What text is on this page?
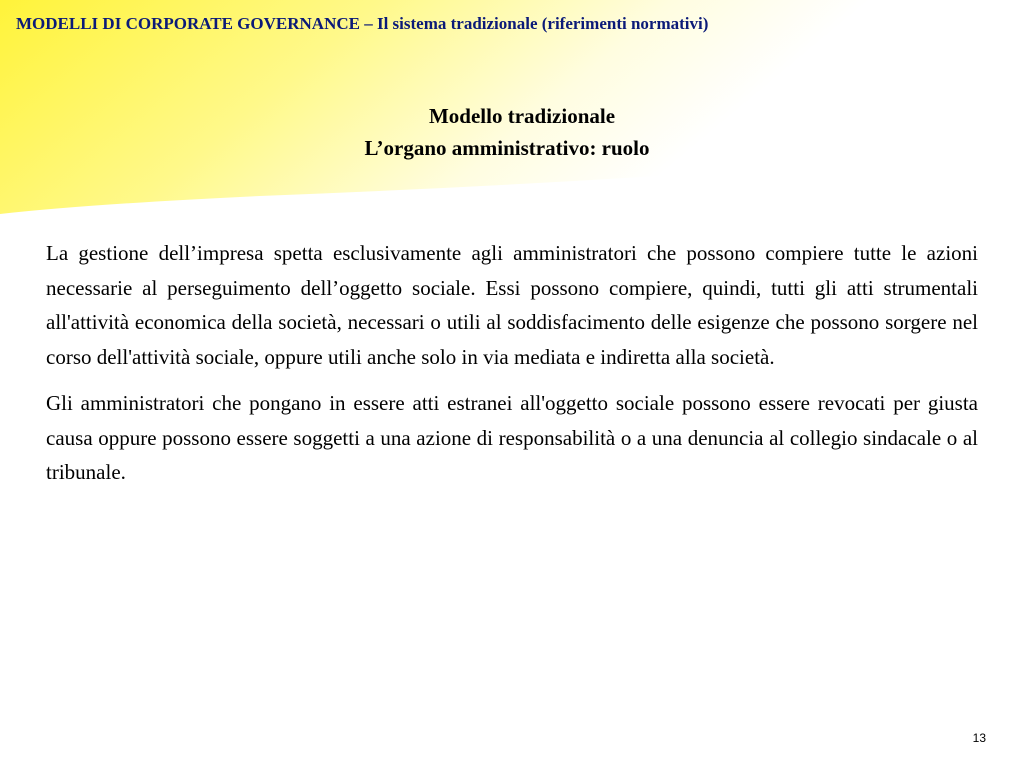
MODELLI DI CORPORATE GOVERNANCE – Il sistema tradizionale (riferimenti normativi)
Modello tradizionale
L’organo amministrativo: ruolo

La gestione dell’impresa spetta esclusivamente agli amministratori che possono compiere tutte le azioni necessarie al perseguimento dell’oggetto sociale. Essi possono compiere, quindi, tutti gli atti strumentali all'attività economica della società, necessari o utili al soddisfacimento delle esigenze che possono sorgere nel corso dell'attività sociale, oppure utili anche solo in via mediata e indiretta alla società.

Gli amministratori che pongano in essere atti estranei all'oggetto sociale possono essere revocati per giusta causa oppure possono essere soggetti a una azione di responsabilità o a una denuncia al collegio sindacale o al tribunale.

13
